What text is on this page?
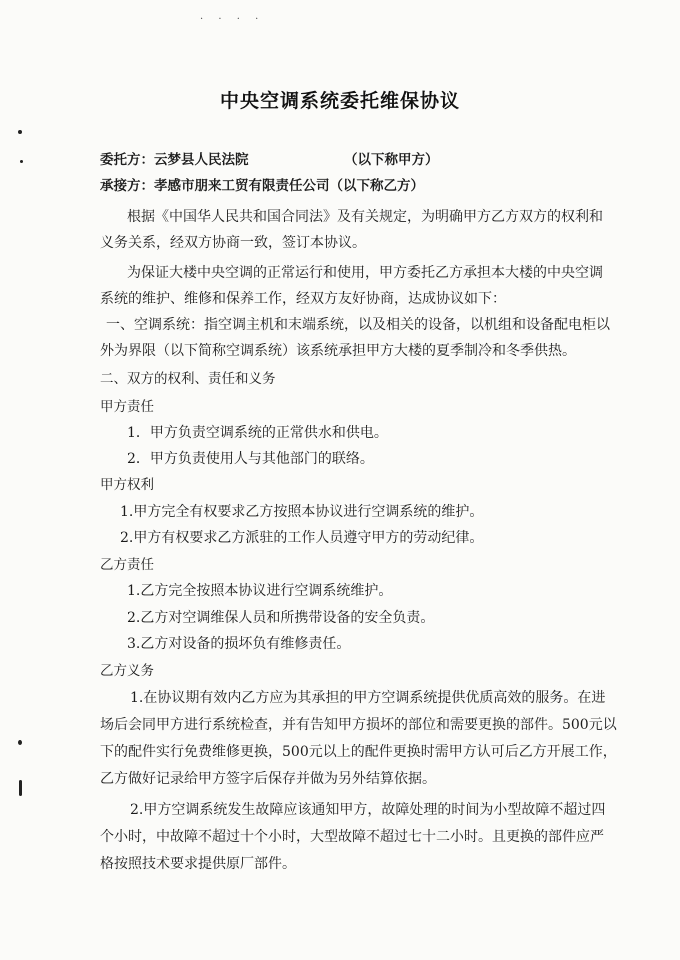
· · · ·
中央空调系统委托维保协议
委托方：云梦县人民法院	（以下称甲方）
承接方：孝感市朋来工贸有限责任公司（以下称乙方）
根据《中国华人民共和国合同法》及有关规定，为明确甲方乙方双方的权利和
义务关系，经双方协商一致，签订本协议。
为保证大楼中央空调的正常运行和使用，甲方委托乙方承担本大楼的中央空调
系统的维护、维修和保养工作，经双方友好协商，达成协议如下：
一、空调系统：指空调主机和末端系统，以及相关的设备，以机组和设备配电柜以
外为界限（以下简称空调系统）该系统承担甲方大楼的夏季制冷和冬季供热。
二、双方的权利、责任和义务
甲方责任
1．甲方负责空调系统的正常供水和供电。
2．甲方负责使用人与其他部门的联络。
甲方权利
1.甲方完全有权要求乙方按照本协议进行空调系统的维护。
2.甲方有权要求乙方派驻的工作人员遵守甲方的劳动纪律。
乙方责任
1.乙方完全按照本协议进行空调系统维护。
2.乙方对空调维保人员和所携带设备的安全负责。
3.乙方对设备的损坏负有维修责任。
乙方义务
1.在协议期有效内乙方应为其承担的甲方空调系统提供优质高效的服务。在进
场后会同甲方进行系统检查，并有告知甲方损坏的部位和需要更换的部件。500元以
下的配件实行免费维修更换，500元以上的配件更换时需甲方认可后乙方开展工作，
乙方做好记录给甲方签字后保存并做为另外结算依据。
2.甲方空调系统发生故障应该通知甲方，故障处理的时间为小型故障不超过四
个小时，中故障不超过十个小时，大型故障不超过七十二小时。且更换的部件应严
格按照技术要求提供原厂部件。
